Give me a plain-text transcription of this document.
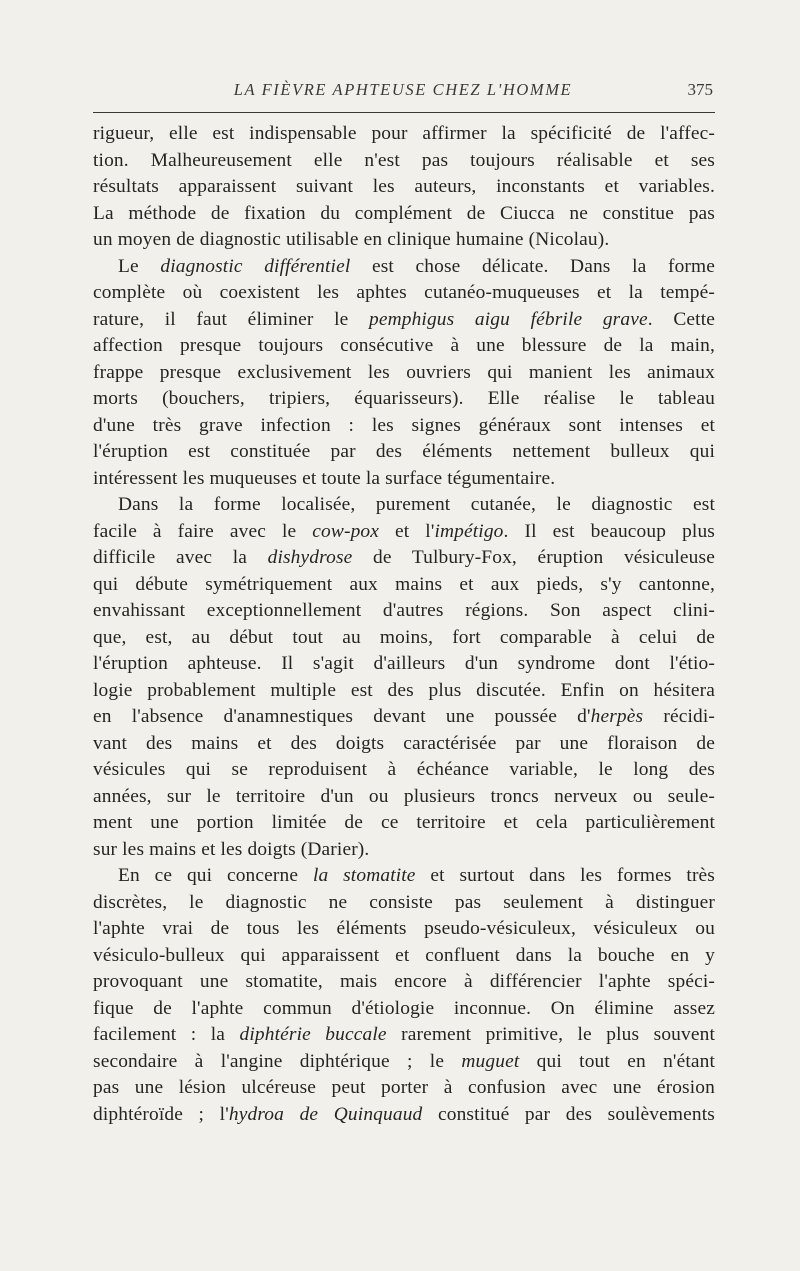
LA FIÈVRE APHTEUSE CHEZ L'HOMME	375
rigueur, elle est indispensable pour affirmer la spécificité de l'affec-
tion. Malheureusement elle n'est pas toujours réalisable et ses
résultats apparaissent suivant les auteurs, inconstants et variables.
La méthode de fixation du complément de Ciucca ne constitue pas
un moyen de diagnostic utilisable en clinique humaine (Nicolau).
Le diagnostic différentiel est chose délicate. Dans la forme
complète où coexistent les aphtes cutanéo-muqueuses et la tempé-
rature, il faut éliminer le pemphigus aigu fébrile grave. Cette
affection presque toujours consécutive à une blessure de la main,
frappe presque exclusivement les ouvriers qui manient les animaux
morts (bouchers, tripiers, équarisseurs). Elle réalise le tableau
d'une très grave infection : les signes généraux sont intenses et
l'éruption est constituée par des éléments nettement bulleux qui
intéressent les muqueuses et toute la surface tégumentaire.
Dans la forme localisée, purement cutanée, le diagnostic est
facile à faire avec le cow-pox et l'impétigo. Il est beaucoup plus
difficile avec la dishydrose de Tulbury-Fox, éruption vésiculeuse
qui débute symétriquement aux mains et aux pieds, s'y cantonne,
envahissant exceptionnellement d'autres régions. Son aspect clini-
que, est, au début tout au moins, fort comparable à celui de
l'éruption aphteuse. Il s'agit d'ailleurs d'un syndrome dont l'étio-
logie probablement multiple est des plus discutée. Enfin on hésitera
en l'absence d'anamnestiques devant une poussée d'herpès récidi-
vant des mains et des doigts caractérisée par une floraison de
vésicules qui se reproduisent à échéance variable, le long des
années, sur le territoire d'un ou plusieurs troncs nerveux ou seule-
ment une portion limitée de ce territoire et cela particulièrement
sur les mains et les doigts (Darier).
En ce qui concerne la stomatite et surtout dans les formes très
discrètes, le diagnostic ne consiste pas seulement à distinguer
l'aphte vrai de tous les éléments pseudo-vésiculeux, vésiculeux ou
vésiculo-bulleux qui apparaissent et confluent dans la bouche en y
provoquant une stomatite, mais encore à différencier l'aphte spéci-
fique de l'aphte commun d'étiologie inconnue. On élimine assez
facilement : la diphtérie buccale rarement primitive, le plus souvent
secondaire à l'angine diphtérique ; le muguet qui tout en n'étant
pas une lésion ulcéreuse peut porter à confusion avec une érosion
diphtéroïde ; l'hydroa de Quinquaud constitué par des soulèvements
